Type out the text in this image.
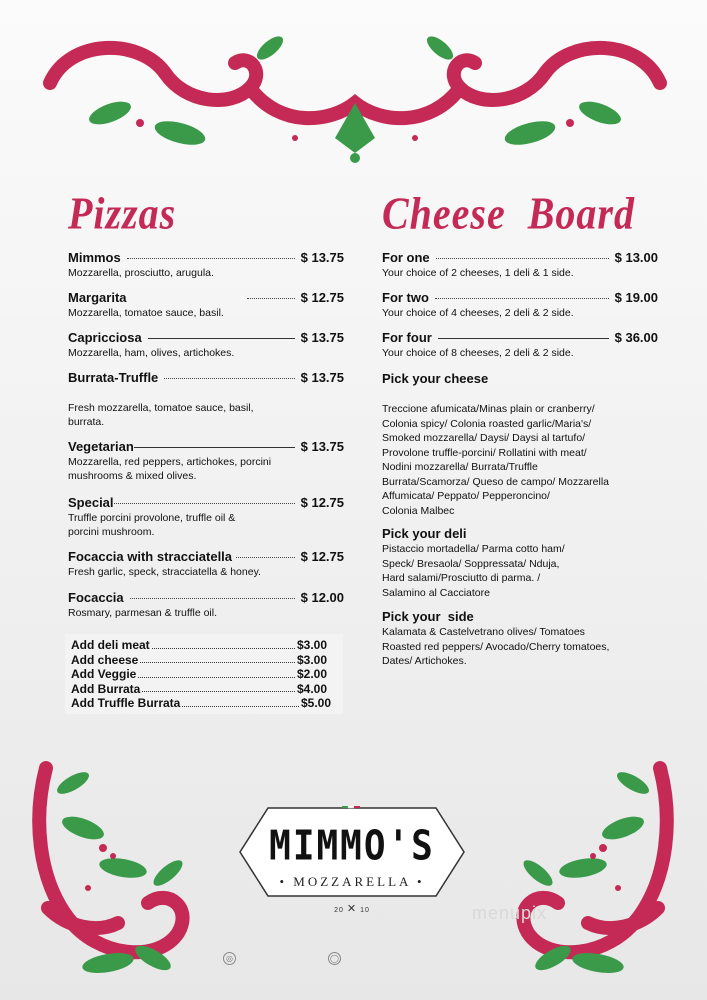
Pizzas	Cheese  Board
Mimmos	$ 13.75
Mozzarella, prosciutto, arugula.
Margarita	$ 12.75
Mozzarella, tomatoe sauce, basil.
Capricciosa	$ 13.75
Mozzarella, ham, olives, artichokes.
Burrata-Truffle	$ 13.75
Fresh mozzarella, tomatoe sauce, basil, burrata.
Vegetarian	$ 13.75
Mozzarella, red peppers, artichokes, porcini mushrooms & mixed olives.
Special	$ 12.75
Truffle porcini provolone, truffle oil & porcini mushroom.
Focaccia with stracciatella	$ 12.75
Fresh garlic, speck, stracciatella & honey.
Focaccia	$ 12.00
Rosmary, parmesan & truffle oil.
Add deli meat	$3.00
Add cheese	$3.00
Add Veggie	$2.00
Add Burrata	$4.00
Add Truffle Burrata	$5.00
For one	$ 13.00
Your choice of 2 cheeses, 1 deli & 1 side.
For two	$ 19.00
Your choice of 4 cheeses, 2 deli & 2 side.
For four	$ 36.00
Your choice of 8 cheeses, 2 deli & 2 side.
Pick your cheese
Treccione afumicata/Minas plain or cranberry/
Colonia spicy/ Colonia roasted garlic/Maria's/
Smoked mozzarella/ Daysi/ Daysi al tartufo/
Provolone truffle-porcini/ Rollatini with meat/
Nodini mozzarella/ Burrata/Truffle
Burrata/Scamorza/ Queso de campo/ Mozzarella
Affumicata/ Peppato/ Pepperoncino/
Colonia Malbec
Pick your deli
Pistaccio mortadella/ Parma cotto ham/
Speck/ Bresaola/ Soppressata/ Nduja,
Hard salami/Prosciutto di parma. /
Salamino al Cacciatore
Pick your  side
Kalamata & Castelvetrano olives/ Tomatoes
Roasted red peppers/ Avocado/Cherry tomatoes,
Dates/ Artichokes.
MIMMO'S
• MOZZARELLA •
20 ✕ 10
◎	◯
menupix
